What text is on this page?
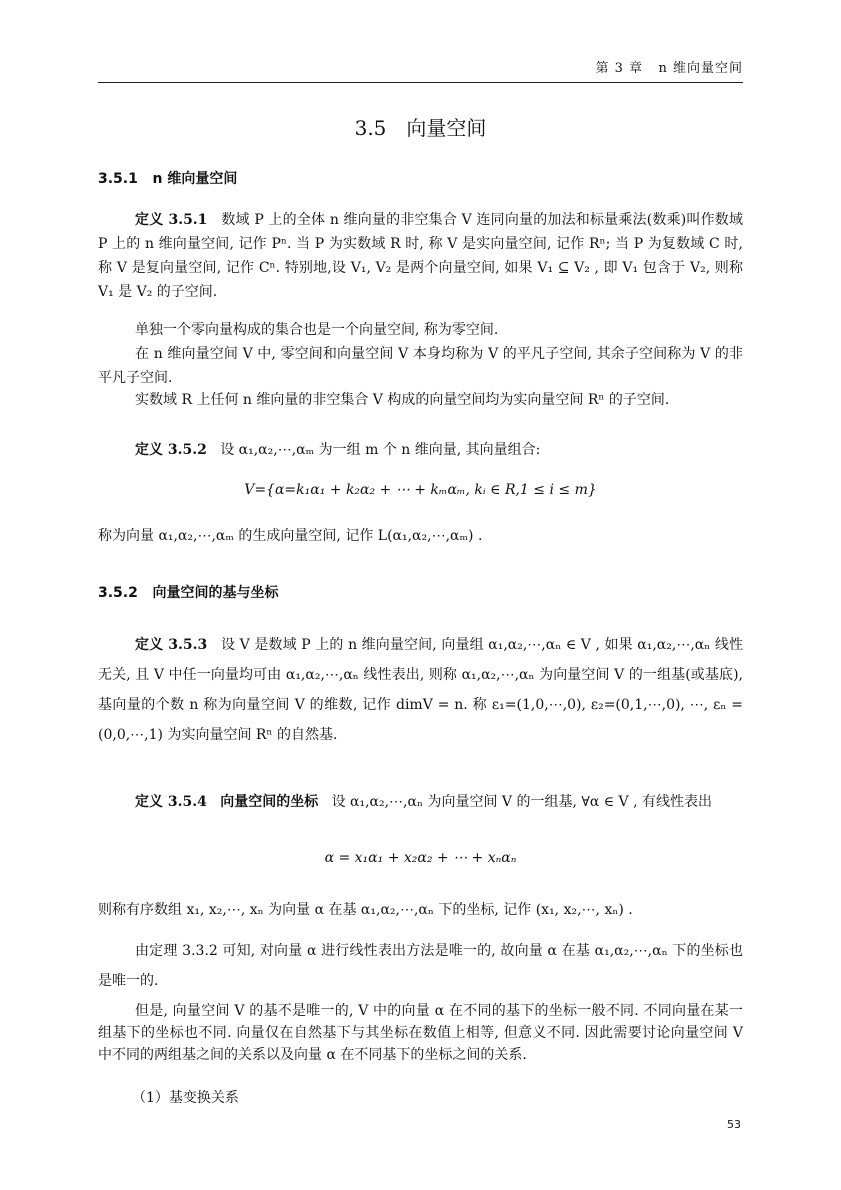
第 3 章 n 维向量空间
3.5　向量空间
3.5.1 n 维向量空间
定义 3.5.1 数域 P 上的全体 n 维向量的非空集合 V 连同向量的加法和标量乘法(数乘)叫作数域 P 上的 n 维向量空间, 记作 Pⁿ. 当 P 为实数域 R 时, 称 V 是实向量空间, 记作 Rⁿ; 当 P 为复数域 C 时, 称 V 是复向量空间, 记作 Cⁿ. 特别地,设 V₁, V₂ 是两个向量空间, 如果 V₁ ⊆ V₂ , 即 V₁ 包含于 V₂, 则称 V₁ 是 V₂ 的子空间.
单独一个零向量构成的集合也是一个向量空间, 称为零空间.
在 n 维向量空间 V 中, 零空间和向量空间 V 本身均称为 V 的平凡子空间, 其余子空间称为 V 的非平凡子空间.
实数域 R 上任何 n 维向量的非空集合 V 构成的向量空间均为实向量空间 Rⁿ 的子空间.
定义 3.5.2 设 α₁,α₂,⋯,αₘ 为一组 m 个 n 维向量, 其向量组合:
V={α=k₁α₁ + k₂α₂ + ⋯ + kₘαₘ, kᵢ ∈ R,1 ≤ i ≤ m}
称为向量 α₁,α₂,⋯,αₘ 的生成向量空间, 记作 L(α₁,α₂,⋯,αₘ) .
3.5.2 向量空间的基与坐标
定义 3.5.3 设 V 是数域 P 上的 n 维向量空间, 向量组 α₁,α₂,⋯,αₙ ∈ V , 如果 α₁,α₂,⋯,αₙ 线性无关, 且 V 中任一向量均可由 α₁,α₂,⋯,αₙ 线性表出, 则称 α₁,α₂,⋯,αₙ 为向量空间 V 的一组基(或基底), 基向量的个数 n 称为向量空间 V 的维数, 记作 dimV = n. 称 ε₁=(1,0,⋯,0), ε₂=(0,1,⋯,0), ⋯, εₙ =(0,0,⋯,1) 为实向量空间 Rⁿ 的自然基.
定义 3.5.4 向量空间的坐标 设 α₁,α₂,⋯,αₙ 为向量空间 V 的一组基, ∀α ∈ V , 有线性表出
α = x₁α₁ + x₂α₂ + ⋯ + xₙαₙ
则称有序数组 x₁, x₂,⋯, xₙ 为向量 α 在基 α₁,α₂,⋯,αₙ 下的坐标, 记作 (x₁, x₂,⋯, xₙ) .
由定理 3.3.2 可知, 对向量 α 进行线性表出方法是唯一的, 故向量 α 在基 α₁,α₂,⋯,αₙ 下的坐标也是唯一的.
但是, 向量空间 V 的基不是唯一的, V 中的向量 α 在不同的基下的坐标一般不同. 不同向量在某一组基下的坐标也不同. 向量仅在自然基下与其坐标在数值上相等, 但意义不同. 因此需要讨论向量空间 V 中不同的两组基之间的关系以及向量 α 在不同基下的坐标之间的关系.
（1）基变换关系
53
